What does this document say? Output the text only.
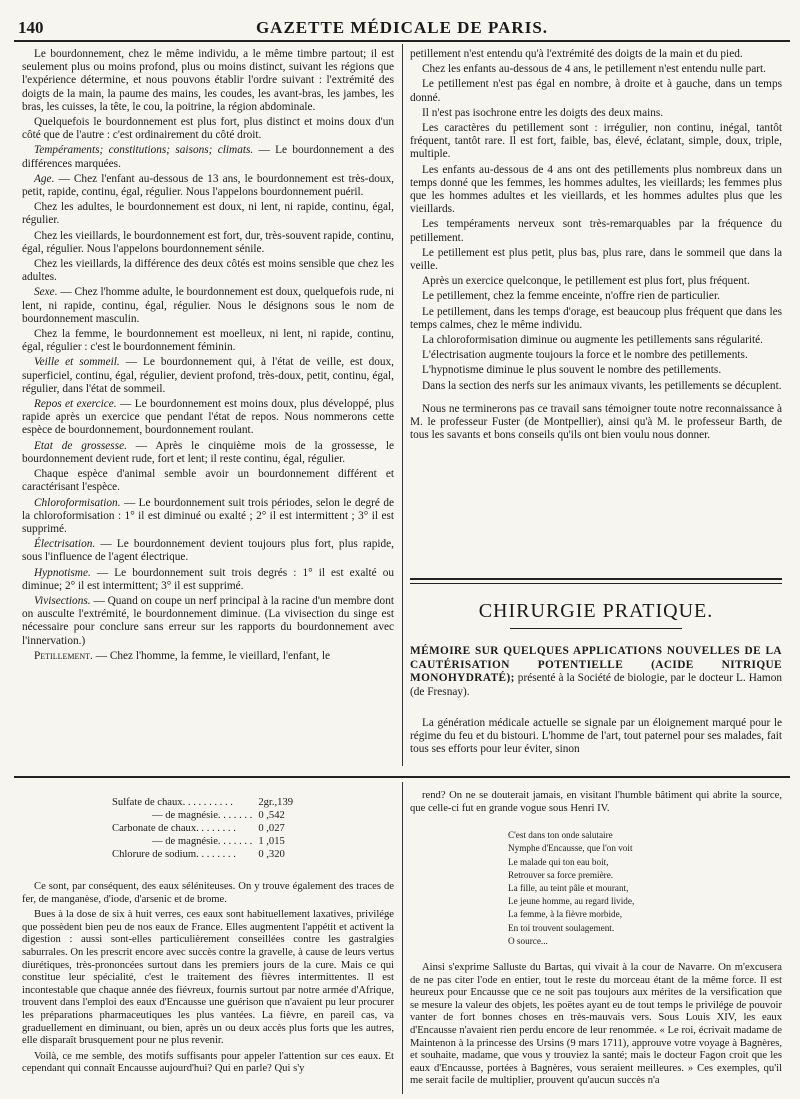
140	GAZETTE MÉDICALE DE PARIS.

Le bourdonnement, chez le même individu, a le même timbre partout; il est seulement plus ou moins profond, plus ou moins distinct, suivant les régions que l'expérience détermine, et nous pouvons établir l'ordre suivant : l'extrémité des doigts de la main, la paume des mains, les coudes, les avant-bras, les jambes, les bras, les cuisses, la tête, le cou, la poitrine, la région abdominale.

Quelquefois le bourdonnement est plus fort, plus distinct et moins doux d'un côté que de l'autre : c'est ordinairement du côté droit.

Tempéraments; constitutions; saisons; climats. — Le bourdonnement a des différences marquées.

Age. — Chez l'enfant au-dessous de 13 ans, le bourdonnement est très-doux, petit, rapide, continu, égal, régulier. Nous l'appelons bourdonnement puéril.

Chez les adultes, le bourdonnement est doux, ni lent, ni rapide, continu, égal, régulier.

Chez les vieillards, le bourdonnement est fort, dur, très-souvent rapide, continu, égal, régulier. Nous l'appelons bourdonnement sénile.

Chez les vieillards, la différence des deux côtés est moins sensible que chez les adultes.

Sexe. — Chez l'homme adulte, le bourdonnement est doux, quelquefois rude, ni lent, ni rapide, continu, égal, régulier. Nous le désignons sous le nom de bourdonnement masculin.

Chez la femme, le bourdonnement est moelleux, ni lent, ni rapide, continu, égal, régulier : c'est le bourdonnement féminin.

Veille et sommeil. — Le bourdonnement qui, à l'état de veille, est doux, superficiel, continu, égal, régulier, devient profond, très-doux, petit, continu, égal, régulier, dans l'état de sommeil.

Repos et exercice. — Le bourdonnement est moins doux, plus développé, plus rapide après un exercice que pendant l'état de repos. Nous nommerons cette espèce de bourdonnement, bourdonnement roulant.

Etat de grossesse. — Après le cinquième mois de la grossesse, le bourdonnement devient rude, fort et lent; il reste continu, égal, régulier.

Chaque espèce d'animal semble avoir un bourdonnement différent et caractérisant l'espèce.

Chloroformisation. — Le bourdonnement suit trois périodes, selon le degré de la chloroformisation : 1° il est diminué ou exalté ; 2° il est intermittent ; 3° il est supprimé.

Électrisation. — Le bourdonnement devient toujours plus fort, plus rapide, sous l'influence de l'agent électrique.

Hypnotisme. — Le bourdonnement suit trois degrés : 1° il est exalté ou diminue; 2° il est intermittent; 3° il est supprimé.

Vivisections. — Quand on coupe un nerf principal à la racine d'un membre dont on ausculte l'extrémité, le bourdonnement diminue. (La vivisection du singe est nécessaire pour conclure sans erreur sur les rapports du bourdonnement avec l'innervation.)

Petillement. — Chez l'homme, la femme, le vieillard, l'enfant, le

petillement n'est entendu qu'à l'extrémité des doigts de la main et du pied.

Chez les enfants au-dessous de 4 ans, le petillement n'est entendu nulle part.

Le petillement n'est pas égal en nombre, à droite et à gauche, dans un temps donné.

Il n'est pas isochrone entre les doigts des deux mains.

Les caractères du petillement sont : irrégulier, non continu, inégal, tantôt fréquent, tantôt rare. Il est fort, faible, bas, élevé, éclatant, simple, doux, triple, multiple.

Les enfants au-dessous de 4 ans ont des petillements plus nombreux dans un temps donné que les femmes, les hommes adultes, les vieillards; les femmes plus que les hommes adultes et les vieillards, et les hommes adultes plus que les vieillards.

Les tempéraments nerveux sont très-remarquables par la fréquence du petillement.

Le petillement est plus petit, plus bas, plus rare, dans le sommeil que dans la veille.

Après un exercice quelconque, le petillement est plus fort, plus fréquent.

Le petillement, chez la femme enceinte, n'offre rien de particulier.

Le petillement, dans les temps d'orage, est beaucoup plus fréquent que dans les temps calmes, chez le même individu.

La chloroformisation diminue ou augmente les petillements sans régularité.

L'électrisation augmente toujours la force et le nombre des petillements.

L'hypnotisme diminue le plus souvent le nombre des petillements.

Dans la section des nerfs sur les animaux vivants, les petillements se décuplent.

Nous ne terminerons pas ce travail sans témoigner toute notre reconnaissance à M. le professeur Fuster (de Montpellier), ainsi qu'à M. le professeur Barth, de tous les savants et bons conseils qu'ils ont bien voulu nous donner.

CHIRURGIE PRATIQUE.
MÉMOIRE SUR QUELQUES APPLICATIONS NOUVELLES DE LA CAUTÉRISATION POTENTIELLE (ACIDE NITRIQUE MONOHYDRATÉ); présenté à la Société de biologie, par le docteur L. Hamon (de Fresnay).

La génération médicale actuelle se signale par un éloignement marqué pour le régime du feu et du bistouri. L'homme de l'art, tout paternel pour ses malades, fait tous ses efforts pour leur éviter, sinon

Sulfate de chaux. . . . . . . . . .	2gr.,139
— de magnésie. . . . . . .	0 ,542
Carbonate de chaux. . . . . . . .	0 ,027
— de magnésie. . . . . . .	1 ,015
Chlorure de sodium. . . . . . . .	0 ,320

Ce sont, par conséquent, des eaux séléniteuses. On y trouve également des traces de fer, de manganèse, d'iode, d'arsenic et de brome.

Bues à la dose de six à huit verres, ces eaux sont habituellement laxatives, privilége que possèdent bien peu de nos eaux de France. Elles augmentent l'appétit et activent la digestion : aussi sont-elles particulièrement conseillées contre les gastralgies saburrales. On les prescrit encore avec succès contre la gravelle, à cause de leurs vertus diurétiques, très-prononcées surtout dans les premiers jours de la cure. Mais ce qui constitue leur spécialité, c'est le traitement des fièvres intermittentes. Il est incontestable que chaque année des fiévreux, fournis surtout par notre armée d'Afrique, trouvent dans l'emploi des eaux d'Encausse une guérison que n'avaient pu leur procurer les préparations pharmaceutiques les plus vantées. La fièvre, en pareil cas, va graduellement en diminuant, ou bien, après un ou deux accès plus forts que les autres, elle disparaît brusquement pour ne plus revenir.

Voilà, ce me semble, des motifs suffisants pour appeler l'attention sur ces eaux. Et cependant qui connaît Encausse aujourd'hui? Qui en parle? Qui s'y

rend? On ne se douterait jamais, en visitant l'humble bâtiment qui abrite la source, que celle-ci fut en grande vogue sous Henri IV.

C'est dans ton onde salutaire
Nymphe d'Encausse, que l'on voit
Le malade qui ton eau boit,
Retrouver sa force première.
La fille, au teint pâle et mourant,
Le jeune homme, au regard livide,
La femme, à la fièvre morbide,
En toi trouvent soulagement.
O source...

Ainsi s'exprime Salluste du Bartas, qui vivait à la cour de Navarre. On m'excusera de ne pas citer l'ode en entier, tout le reste du morceau étant de la même force. Il est heureux pour Encausse que ce ne soit pas toujours aux mérites de la versification que se mesure la valeur des objets, les poëtes ayant eu de tout temps le privilége de pouvoir vanter de fort bonnes choses en très-mauvais vers. Sous Louis XIV, les eaux d'Encausse n'avaient rien perdu encore de leur renommée. « Le roi, écrivait madame de Maintenon à la princesse des Ursins (9 mars 1711), approuve votre voyage à Bagnères, et souhaite, madame, que vous y trouviez la santé; mais le docteur Fagon croit que les eaux d'Encausse, portées à Bagnères, vous seraient meilleures. » Ces exemples, qu'il me serait facile de multiplier, prouvent qu'aucun succès n'a
